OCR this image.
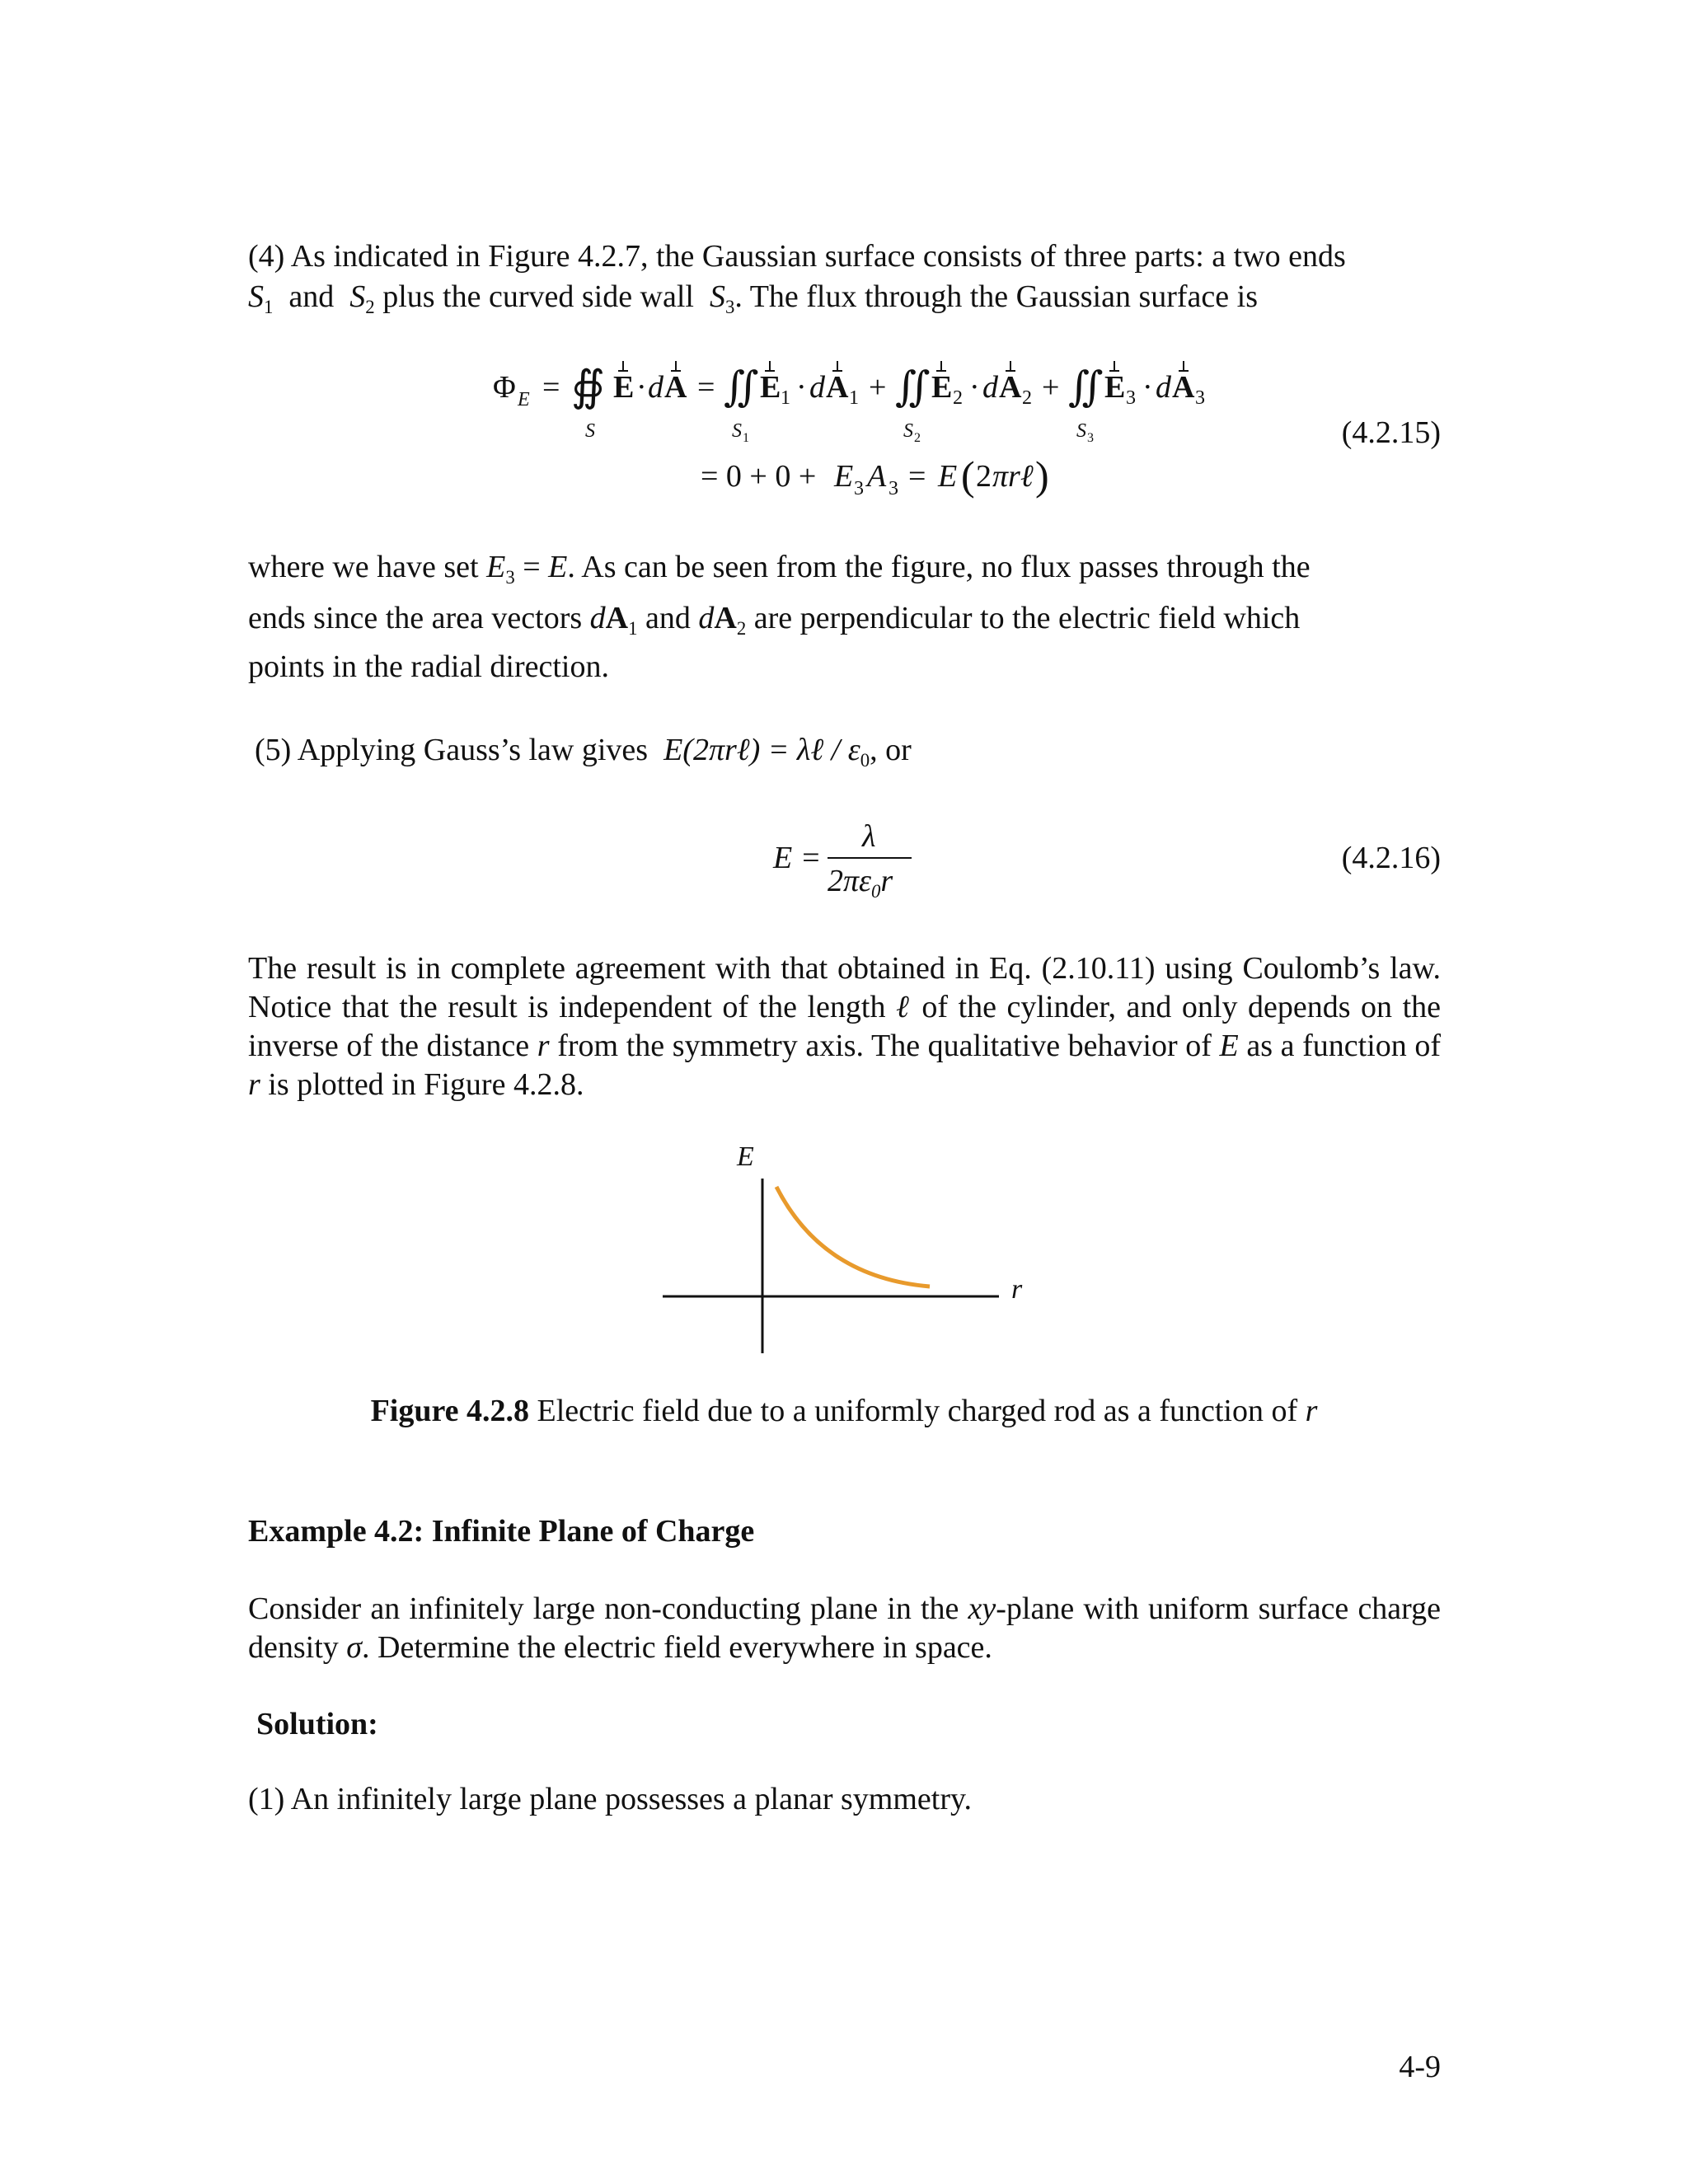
(4) As indicated in Figure 4.2.7, the Gaussian surface consists of three parts: a two ends
$S_1$ and $S_2$ plus the curved side wall $S_3$. The flux through the Gaussian surface is
Φ E = ∯ E · d A = ∬ E 1 · d A 1 + ∬ E 2 · d A 2 + ∬ E 3 · d A 3
S	S 1	S 2	S 3
= 0 + 0 + E 3 A 3 = E ( 2 πrℓ )
(4.2.15)
where we have set $E_3 = E$. As can be seen from the figure, no flux passes through the
ends since the area vectors $dA_1$ and $dA_2$ are perpendicular to the electric field which
points in the radial direction.
(5) Applying Gauss’s law gives E(2πrℓ) = λℓ / $\varepsilon_0$, or
E =
λ
$2\pi\varepsilon_0r$
(4.2.16)
The result is in complete agreement with that obtained in Eq. (2.10.11) using Coulomb’s law. Notice that the result is independent of the length ℓ of the cylinder, and only depends on the inverse of the distance r from the symmetry axis. The qualitative behavior of E as a function of r is plotted in Figure 4.2.8.
E
r
Figure 4.2.8 Electric field due to a uniformly charged rod as a function of r
Example 4.2: Infinite Plane of Charge
Consider an infinitely large non-conducting plane in the xy-plane with uniform surface charge density σ. Determine the electric field everywhere in space.
Solution:
(1) An infinitely large plane possesses a planar symmetry.
4-9
